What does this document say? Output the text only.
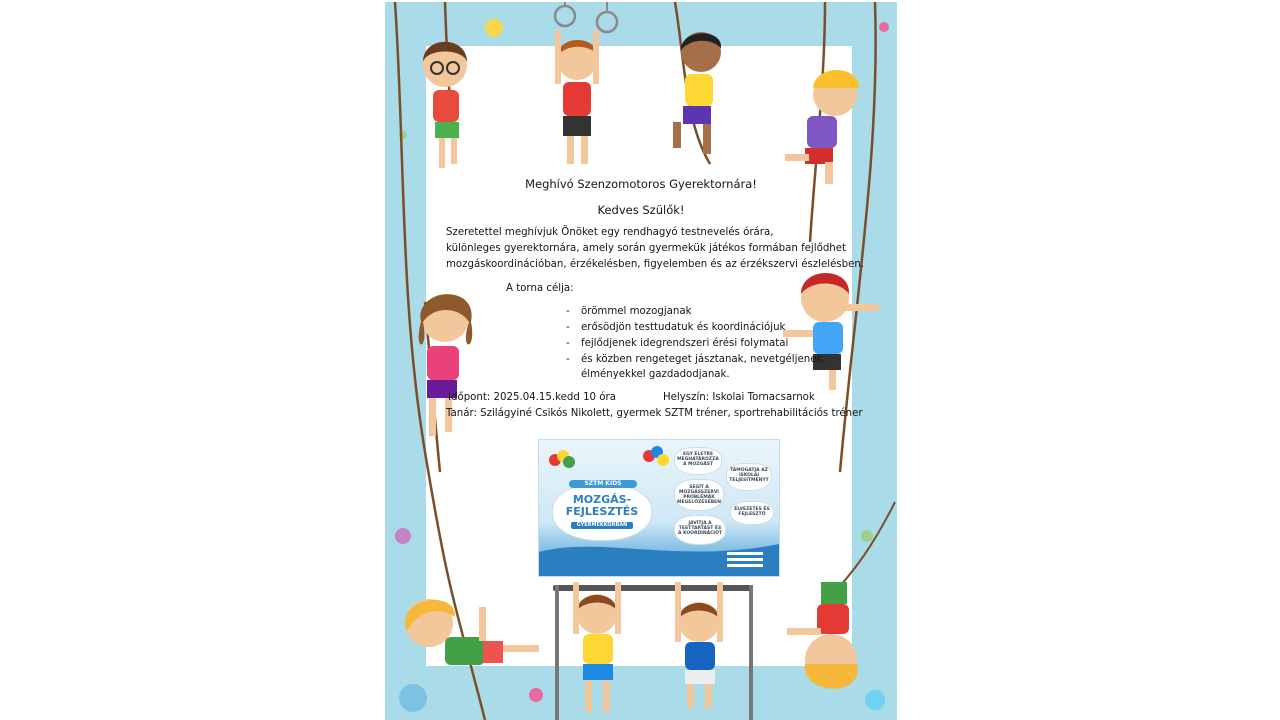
Meghívó Szenzomotoros Gyerektornára!
Kedves Szülők!
Szeretettel meghívjuk Önöket egy rendhagyó testnevelés órára,
különleges gyerektornára, amely során gyermekük játékos formában fejlődhet
mozgáskoordinációban, érzékelésben, figyelemben és az érzékszervi észlelésben.
A torna célja:
- örömmel mozogjanak
- erősödjön testtudatuk és koordinációjuk
- fejlődjenek idegrendszeri érési folymatai
- és közben rengeteget jásztanak, nevetgéljenek,
élményekkel gazdadodjanak.
Időpont: 2025.04.15.kedd 10 óra	Helyszín: Iskolai Tornacsarnok
Tanár: Szilágyiné Csikós Nikolett, gyermek SZTM tréner, sportrehabilitációs tréner
SZTM KIDS
MOZGÁS-
FEJLESZTÉS
GYERMEKKORBAN
EGY ÉLETRE MEGHATÁROZZA A MOZGÁST
TÁMOGATJA AZ ISKOLAI TELJESÍTMÉNYT
SEGÍT A MOZGÁSSZERVI PROBLÉMÁK MEGELŐZÉSÉBEN
ÉLVEZETES ÉS FEJLESZTŐ
JAVÍTJA A TESTTARTÁST ÉS A KOORDINÁCIÓT
